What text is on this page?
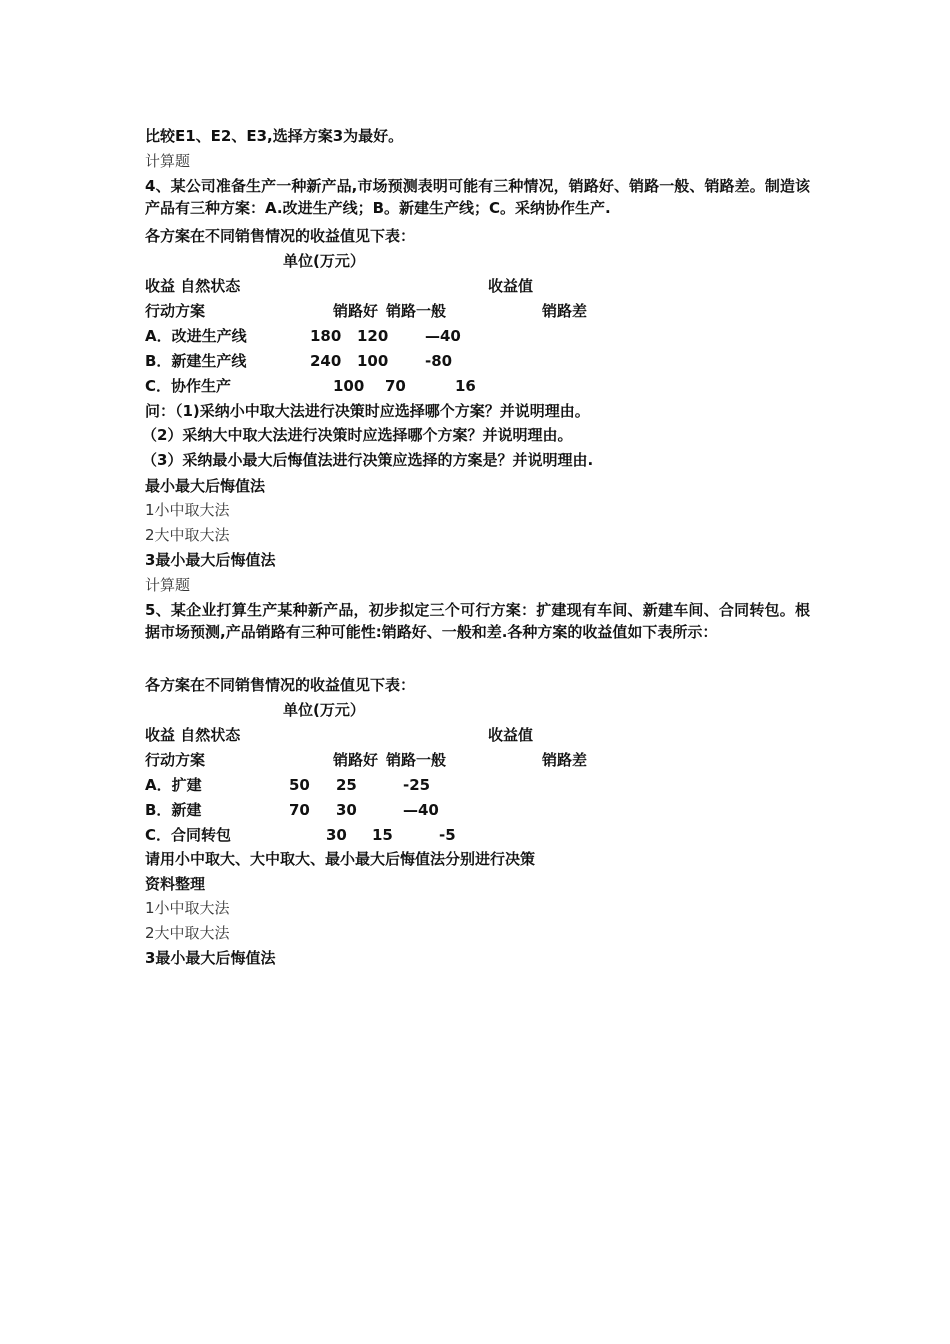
比较E1、E2、E3,选择方案3为最好。
计算题
4、某公司准备生产一种新产品,市场预测表明可能有三种情况，销路好、销路一般、销路差。制造该产品有三种方案：A.改进生产线；B。新建生产线；C。采纳协作生产.
各方案在不同销售情况的收益值见下表：
单位(万元）
收益 自然状态	收益值
行动方案	销路好 销路一般	销路差
A．改进生产线	180 120 —40
B．新建生产线	240 100 -80
C．协作生产	100 70	16
问：（1)采纳小中取大法进行决策时应选择哪个方案？并说明理由。
（2）采纳大中取大法进行决策时应选择哪个方案？并说明理由。
（3）采纳最小最大后悔值法进行决策应选择的方案是？并说明理由.
最小最大后悔值法
1小中取大法
2大中取大法
3最小最大后悔值法
计算题
5、某企业打算生产某种新产品，初步拟定三个可行方案：扩建现有车间、新建车间、合同转包。根据市场预测,产品销路有三种可能性:销路好、一般和差.各种方案的收益值如下表所示：
各方案在不同销售情况的收益值见下表：
单位(万元）
收益 自然状态	收益值
行动方案	销路好 销路一般	销路差
A．扩建	50 25	-25
B．新建	70 30	—40
C．合同转包	30 15	-5
请用小中取大、大中取大、最小最大后悔值法分别进行决策
资料整理
1小中取大法
2大中取大法
3最小最大后悔值法
